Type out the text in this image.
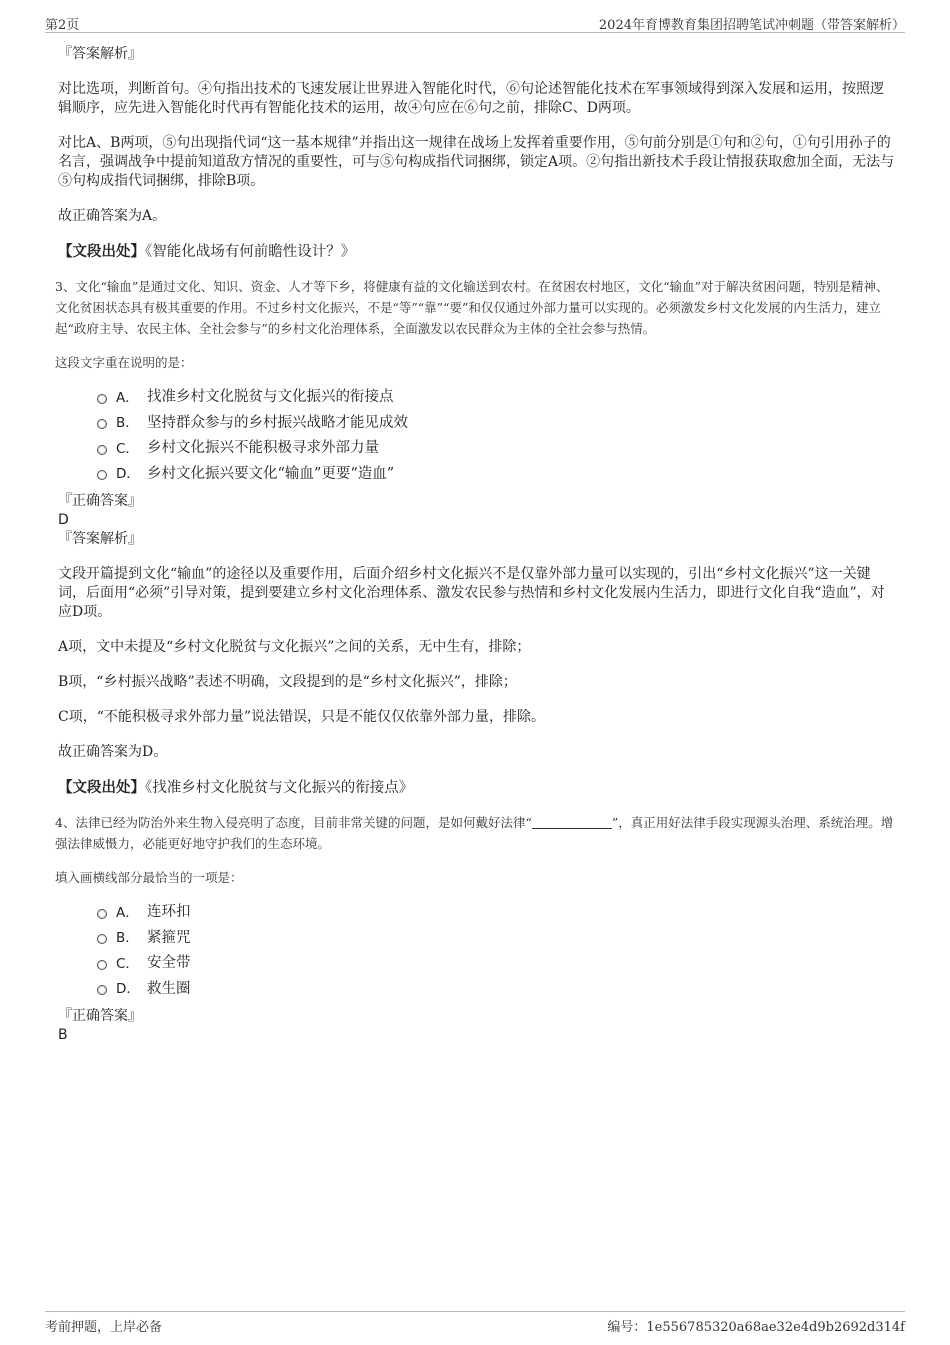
第2页	2024年育博教育集团招聘笔试冲刺题（带答案解析）
『答案解析』

对比选项，判断首句。④句指出技术的飞速发展让世界进入智能化时代，⑥句论述智能化技术在军事领域得到深入发展和运用，按照逻辑顺序，应先进入智能化时代再有智能化技术的运用，故④句应在⑥句之前，排除C、D两项。

对比A、B两项，⑤句出现指代词“这一基本规律”并指出这一规律在战场上发挥着重要作用，⑤句前分别是①句和②句，①句引用孙子的名言，强调战争中提前知道敌方情况的重要性，可与⑤句构成指代词捆绑，锁定A项。②句指出新技术手段让情报获取愈加全面，无法与⑤句构成指代词捆绑，排除B项。

故正确答案为A。

【文段出处】《智能化战场有何前瞻性设计？》

3、文化“输血”是通过文化、知识、资金、人才等下乡，将健康有益的文化输送到农村。在贫困农村地区，文化“输血”对于解决贫困问题，特别是精神、文化贫困状态具有极其重要的作用。不过乡村文化振兴，不是“等”“靠”“要”和仅仅通过外部力量可以实现的。必须激发乡村文化发展的内生活力，建立起“政府主导、农民主体、全社会参与”的乡村文化治理体系，全面激发以农民群众为主体的全社会参与热情。

这段文字重在说明的是：

A． 找准乡村文化脱贫与文化振兴的衔接点
B． 坚持群众参与的乡村振兴战略才能见成效
C． 乡村文化振兴不能积极寻求外部力量
D． 乡村文化振兴要文化“输血”更要“造血”
『正确答案』
D
『答案解析』

文段开篇提到文化“输血”的途径以及重要作用，后面介绍乡村文化振兴不是仅靠外部力量可以实现的，引出“乡村文化振兴”这一关键词，后面用“必须”引导对策，提到要建立乡村文化治理体系、激发农民参与热情和乡村文化发展内生活力，即进行文化自我“造血”，对应D项。

A项，文中未提及“乡村文化脱贫与文化振兴”之间的关系，无中生有，排除；

B项，“乡村振兴战略”表述不明确，文段提到的是“乡村文化振兴”，排除；

C项，“不能积极寻求外部力量”说法错误，只是不能仅仅依靠外部力量，排除。

故正确答案为D。

【文段出处】《找准乡村文化脱贫与文化振兴的衔接点》

4、法律已经为防治外来生物入侵亮明了态度，目前非常关键的问题，是如何戴好法律“	”，真正用好法律手段实现源头治理、系统治理。增强法律威慑力，必能更好地守护我们的生态环境。

填入画横线部分最恰当的一项是：

A． 连环扣
B． 紧箍咒
C． 安全带
D． 救生圈
『正确答案』
B
考前押题，上岸必备	编号：1e556785320a68ae32e4d9b2692d314f
